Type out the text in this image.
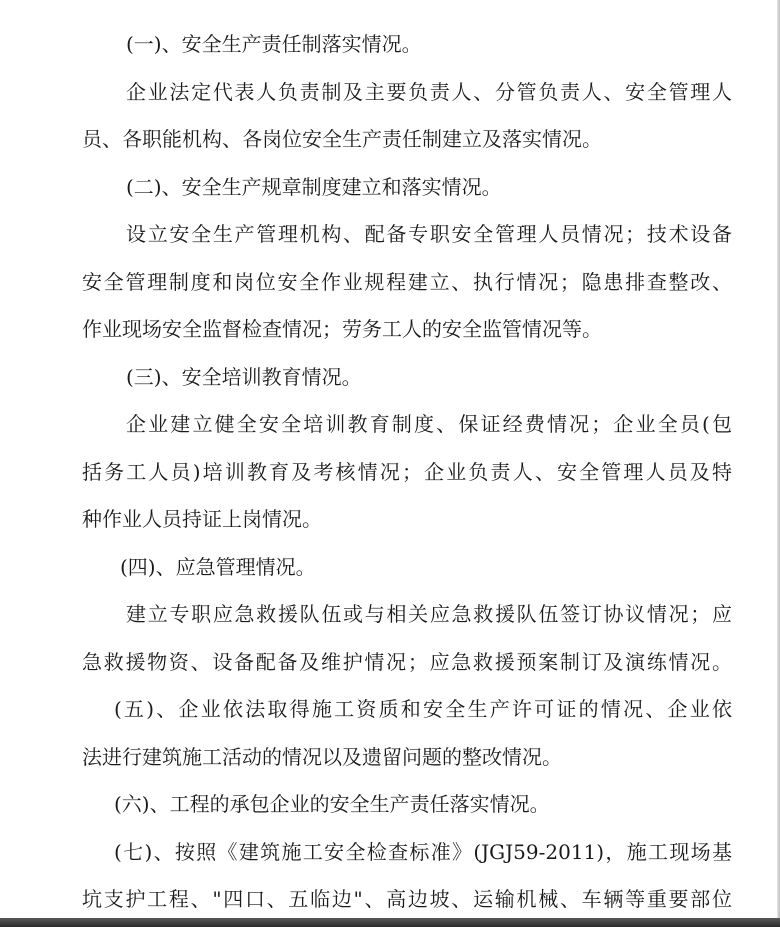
(一)、安全生产责任制落实情况。
企业法定代表人负责制及主要负责人、分管负责人、安全管理人
员、各职能机构、各岗位安全生产责任制建立及落实情况。
(二)、安全生产规章制度建立和落实情况。
设立安全生产管理机构、配备专职安全管理人员情况；技术设备
安全管理制度和岗位安全作业规程建立、执行情况；隐患排查整改、
作业现场安全监督检查情况；劳务工人的安全监管情况等。
(三)、安全培训教育情况。
企业建立健全安全培训教育制度、保证经费情况；企业全员(包
括务工人员)培训教育及考核情况；企业负责人、安全管理人员及特
种作业人员持证上岗情况。
(四)、应急管理情况。
建立专职应急救援队伍或与相关应急救援队伍签订协议情况；应
急救援物资、设备配备及维护情况；应急救援预案制订及演练情况。
(五)、企业依法取得施工资质和安全生产许可证的情况、企业依
法进行建筑施工活动的情况以及遗留问题的整改情况。
(六)、工程的承包企业的安全生产责任落实情况。
(七)、按照《建筑施工安全检查标准》(JGJ59-2011)，施工现场基
坑支护工程、"四口、五临边"、高边坡、运输机械、车辆等重要部位
